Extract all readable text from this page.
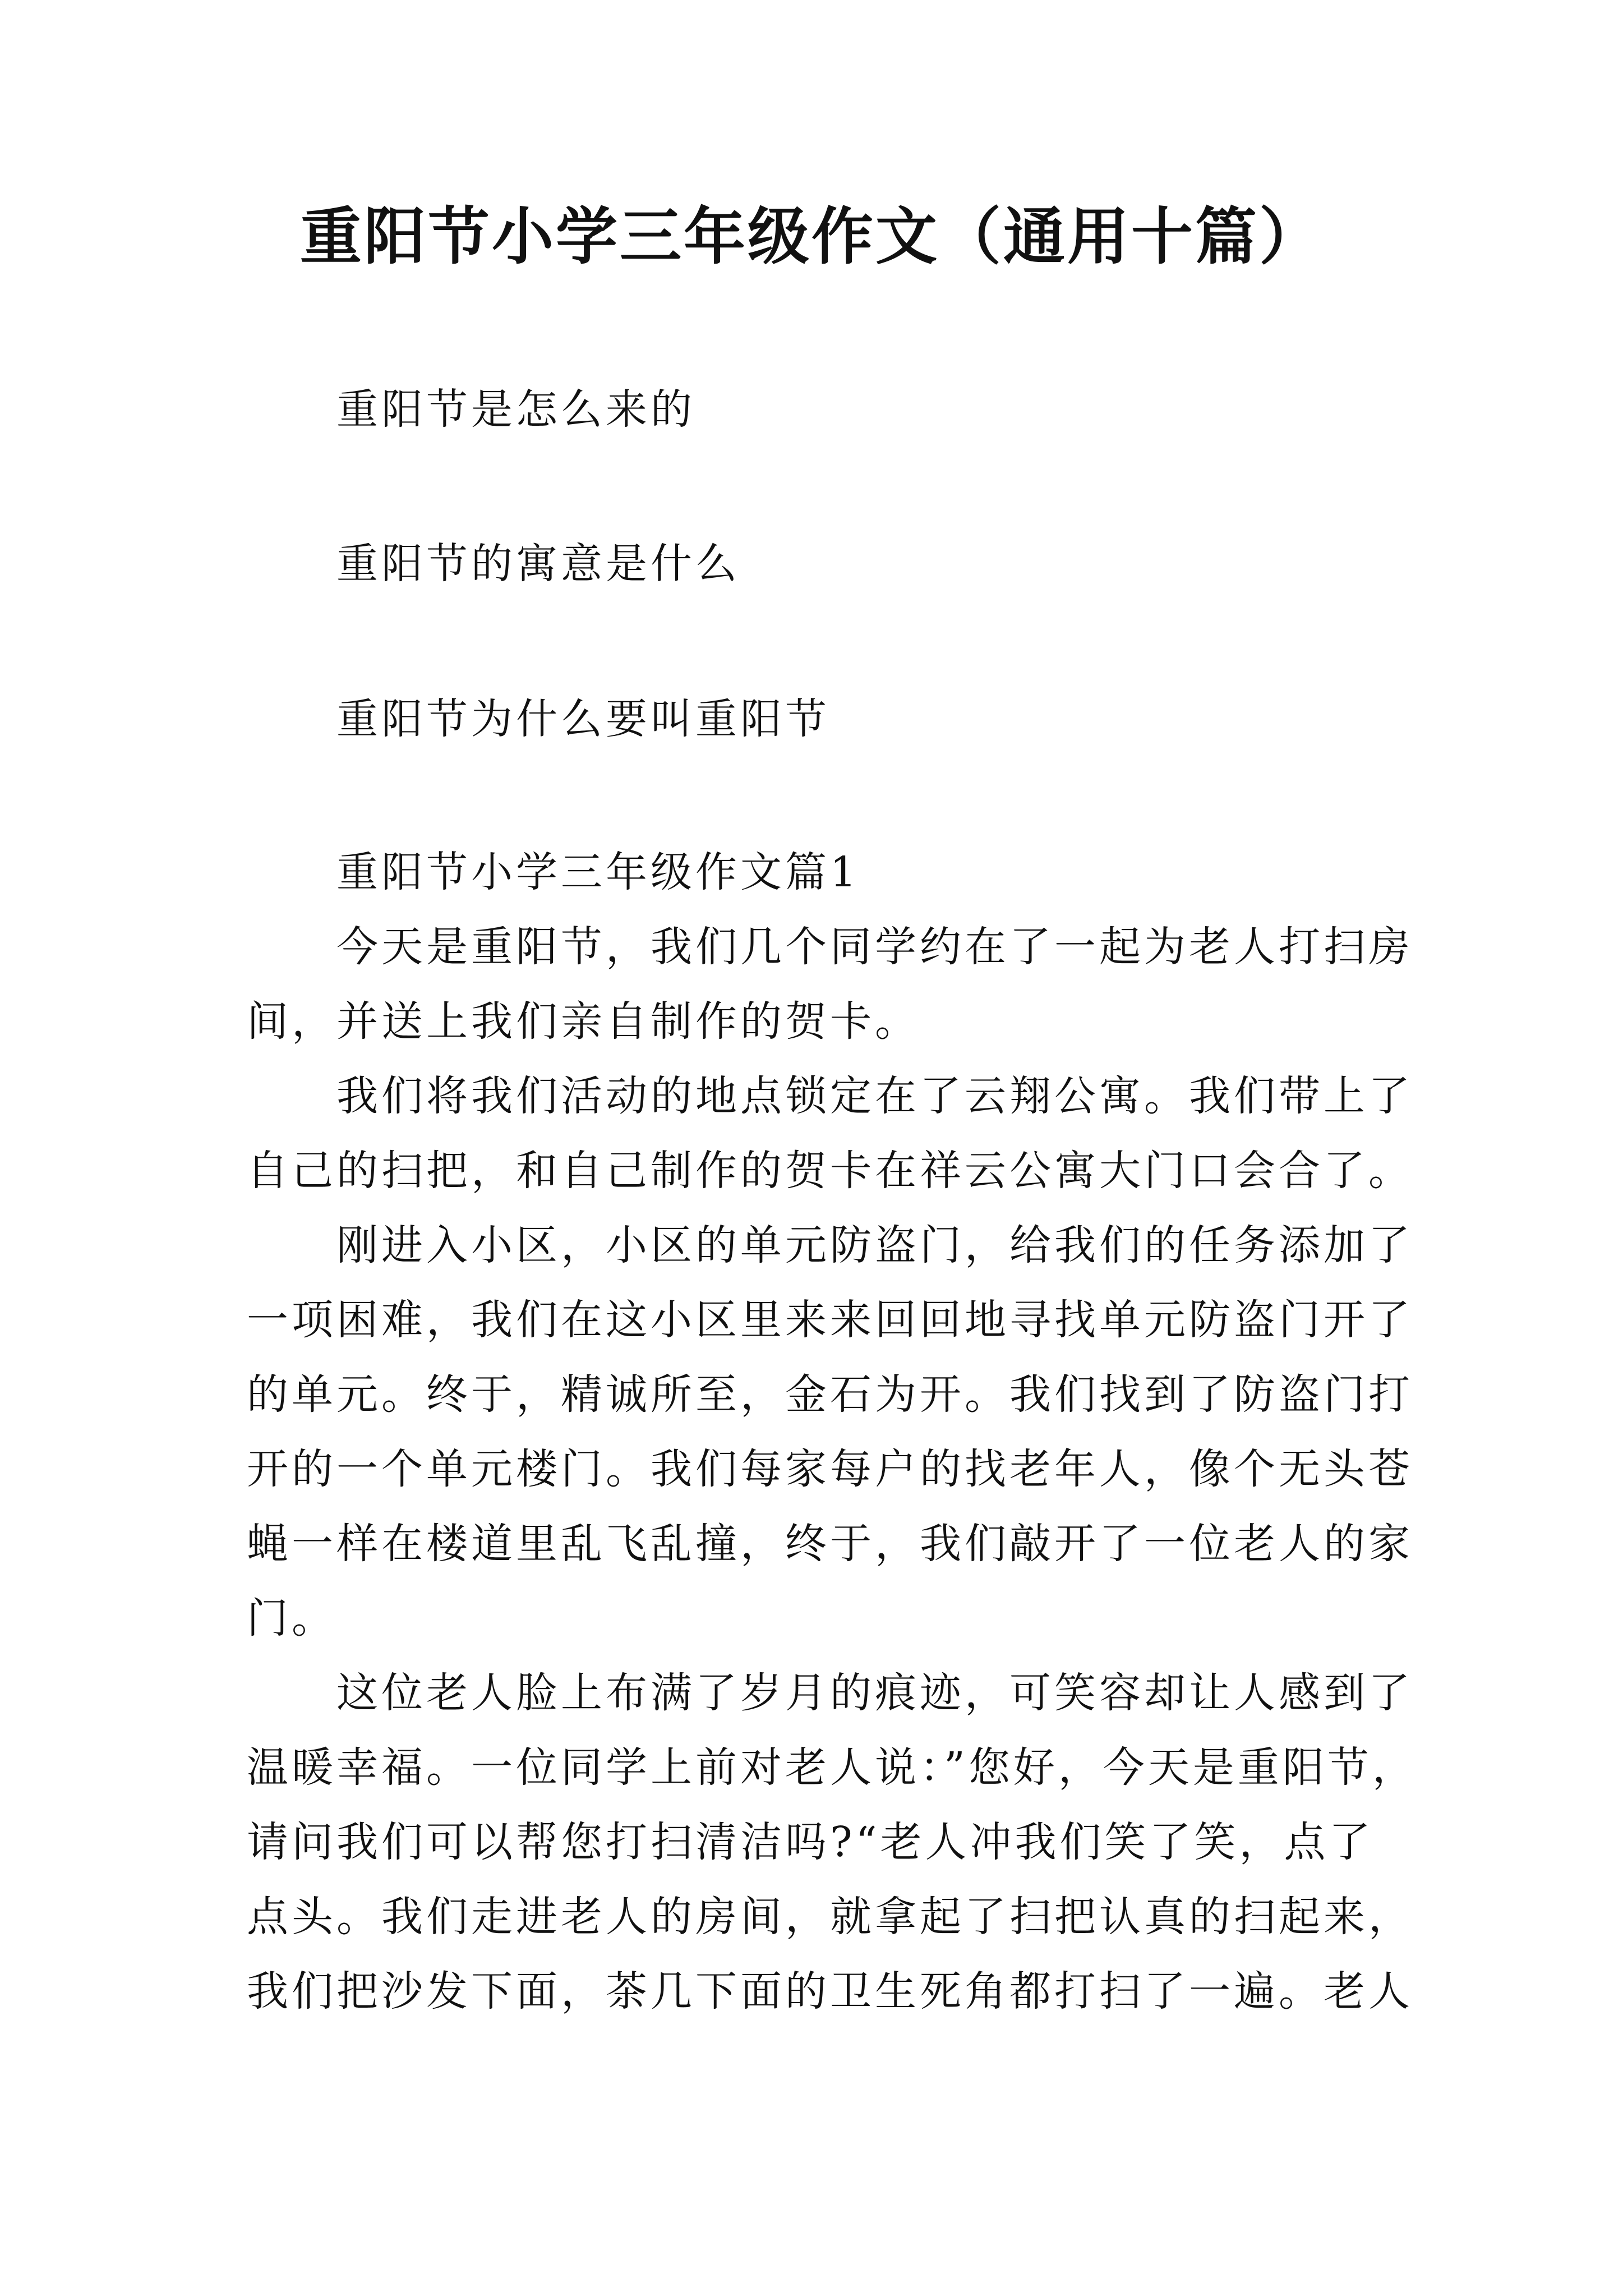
重阳节小学三年级作文（通用十篇）

重阳节是怎么来的

重阳节的寓意是什么

重阳节为什么要叫重阳节

重阳节小学三年级作文篇1

今天是重阳节，我们几个同学约在了一起为老人打扫房

间，并送上我们亲自制作的贺卡。

我们将我们活动的地点锁定在了云翔公寓。我们带上了

自己的扫把，和自己制作的贺卡在祥云公寓大门口会合了。

刚进入小区，小区的单元防盗门，给我们的任务添加了

一项困难，我们在这小区里来来回回地寻找单元防盗门开了

的单元。终于，精诚所至，金石为开。我们找到了防盗门打

开的一个单元楼门。我们每家每户的找老年人，像个无头苍

蝇一样在楼道里乱飞乱撞，终于，我们敲开了一位老人的家

门。

这位老人脸上布满了岁月的痕迹，可笑容却让人感到了

温暖幸福。一位同学上前对老人说：”您好，今天是重阳节，

请问我们可以帮您打扫清洁吗?“老人冲我们笑了笑，点了

点头。我们走进老人的房间，就拿起了扫把认真的扫起来，

我们把沙发下面，茶几下面的卫生死角都打扫了一遍。老人
